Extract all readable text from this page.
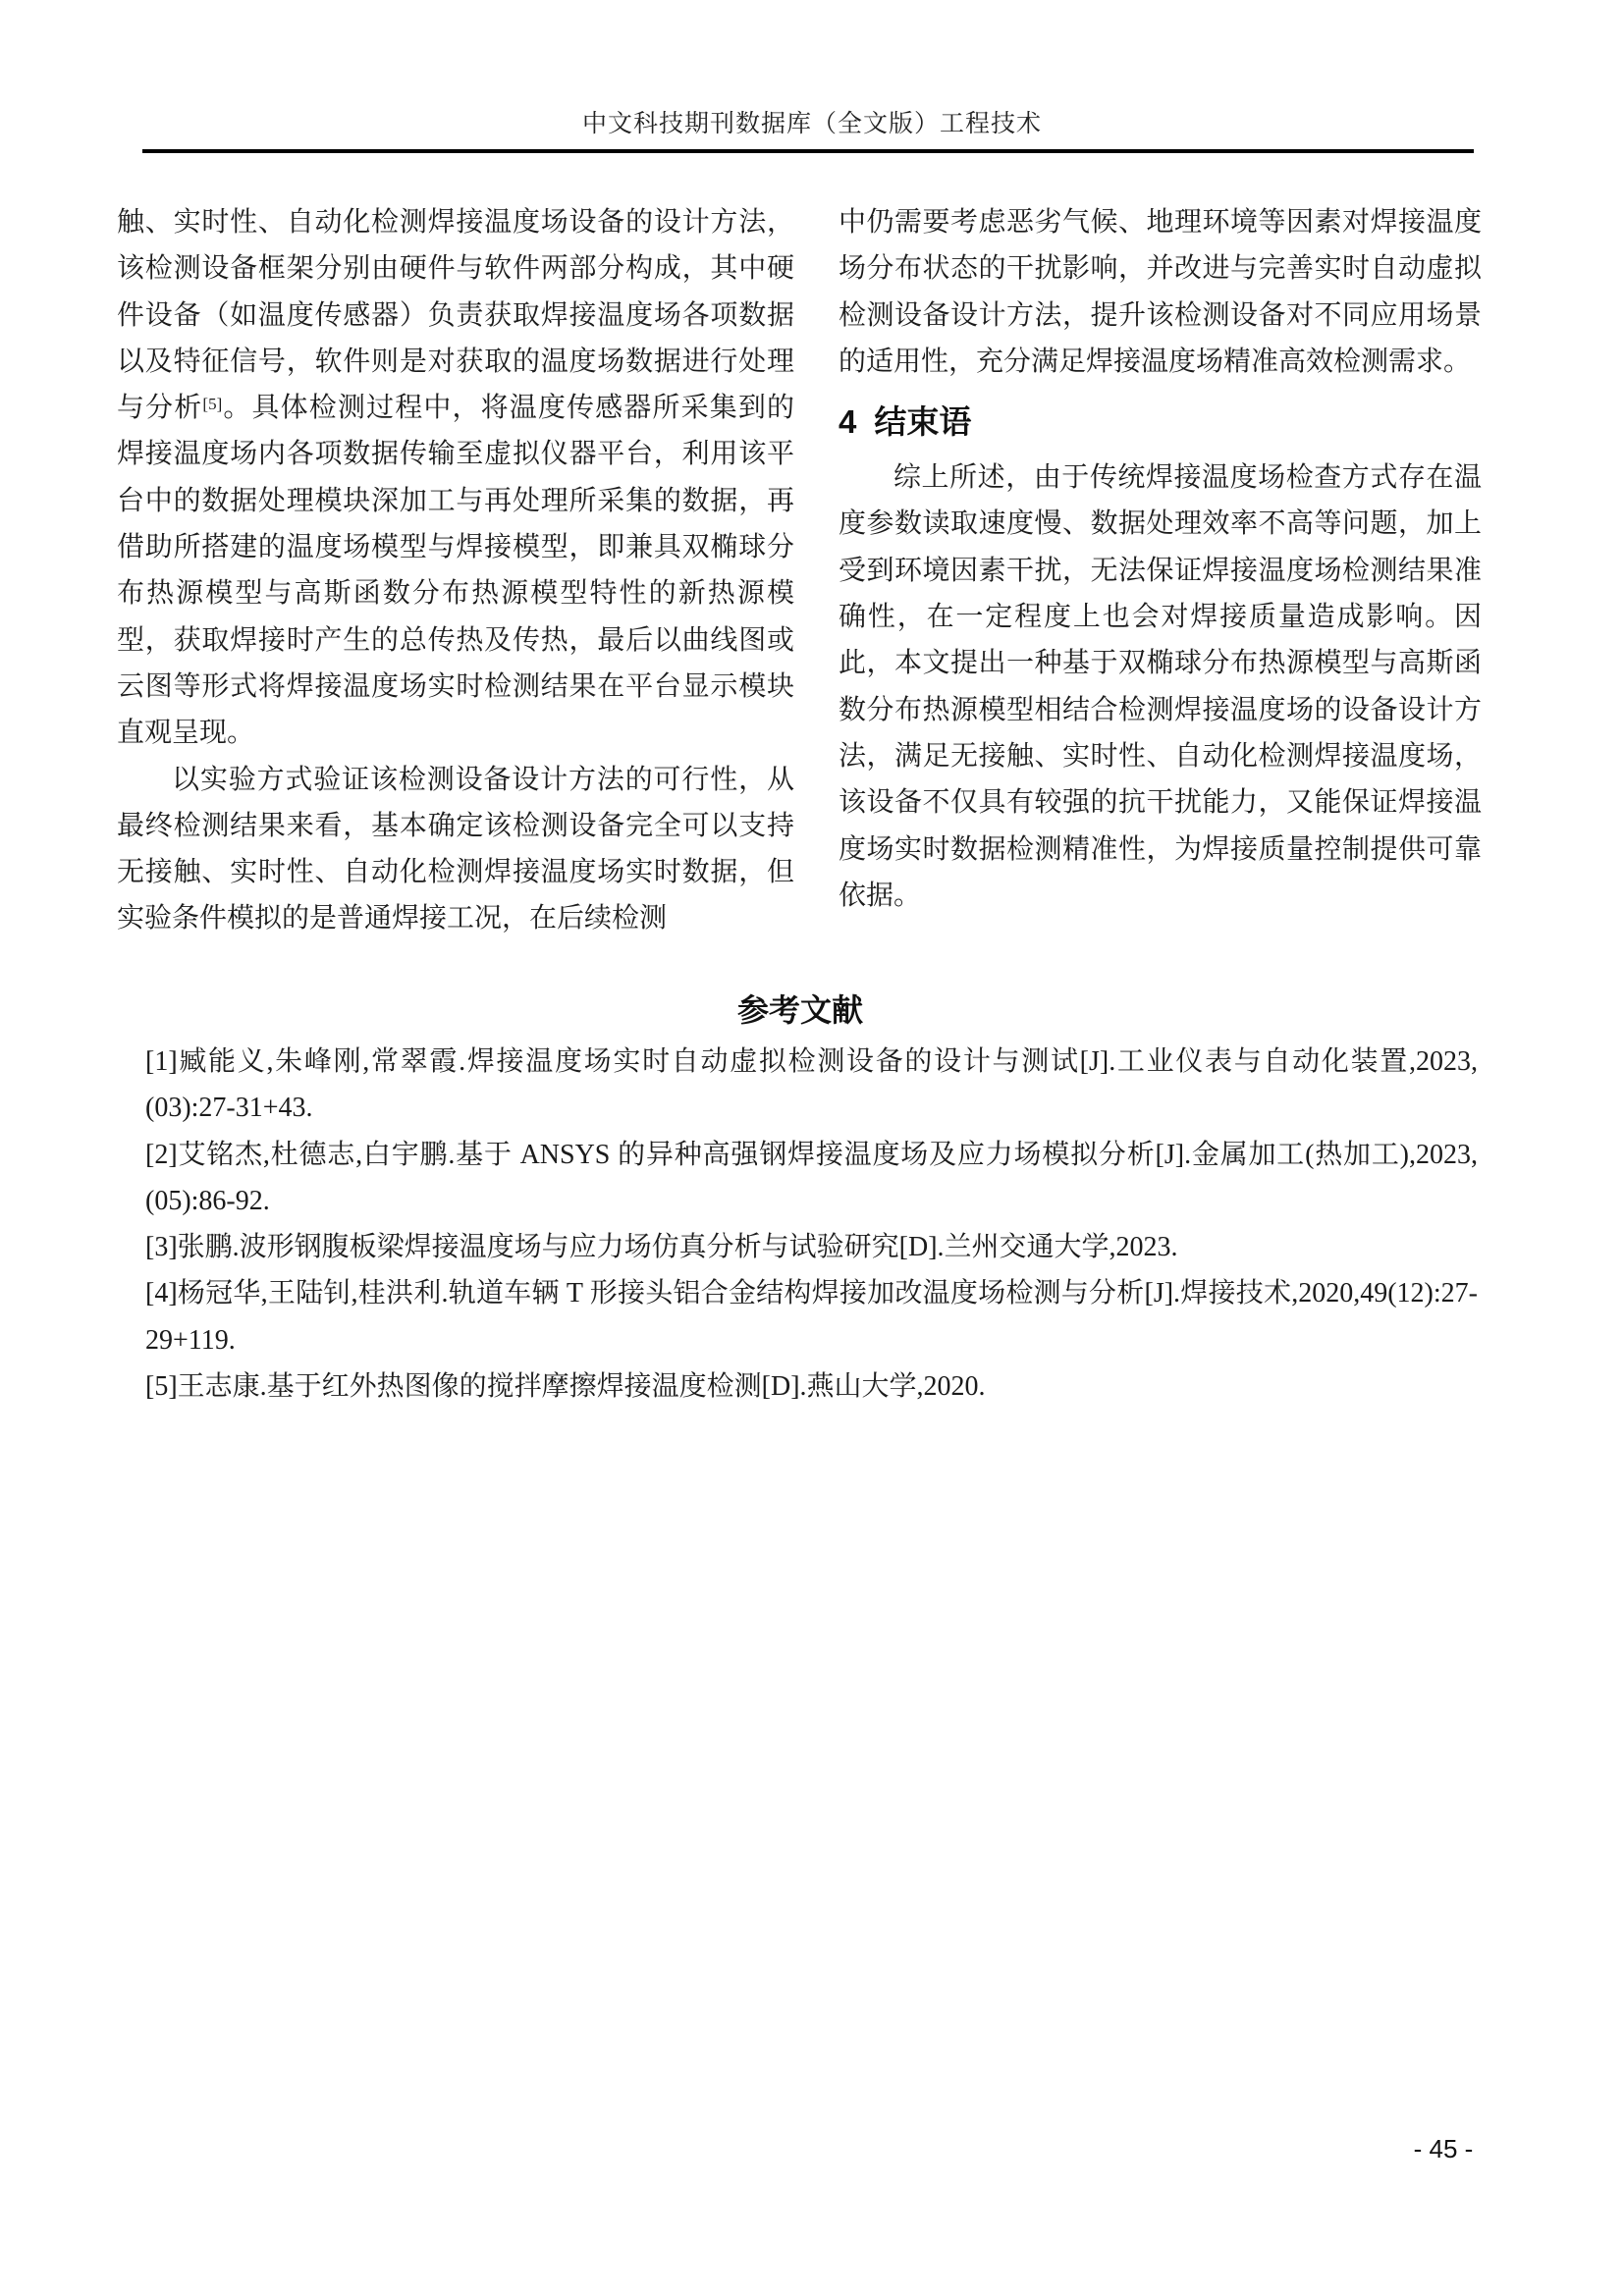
中文科技期刊数据库（全文版）工程技术

触、实时性、自动化检测焊接温度场设备的设计方法，该检测设备框架分别由硬件与软件两部分构成，其中硬件设备（如温度传感器）负责获取焊接温度场各项数据以及特征信号，软件则是对获取的温度场数据进行处理与分析[5]。具体检测过程中，将温度传感器所采集到的焊接温度场内各项数据传输至虚拟仪器平台，利用该平台中的数据处理模块深加工与再处理所采集的数据，再借助所搭建的温度场模型与焊接模型，即兼具双椭球分布热源模型与高斯函数分布热源模型特性的新热源模型，获取焊接时产生的总传热及传热，最后以曲线图或云图等形式将焊接温度场实时检测结果在平台显示模块直观呈现。

以实验方式验证该检测设备设计方法的可行性，从最终检测结果来看，基本确定该检测设备完全可以支持无接触、实时性、自动化检测焊接温度场实时数据，但实验条件模拟的是普通焊接工况，在后续检测

中仍需要考虑恶劣气候、地理环境等因素对焊接温度场分布状态的干扰影响，并改进与完善实时自动虚拟检测设备设计方法，提升该检测设备对不同应用场景的适用性，充分满足焊接温度场精准高效检测需求。

4 结束语

综上所述，由于传统焊接温度场检查方式存在温度参数读取速度慢、数据处理效率不高等问题，加上受到环境因素干扰，无法保证焊接温度场检测结果准确性，在一定程度上也会对焊接质量造成影响。因此，本文提出一种基于双椭球分布热源模型与高斯函数分布热源模型相结合检测焊接温度场的设备设计方法，满足无接触、实时性、自动化检测焊接温度场，该设备不仅具有较强的抗干扰能力，又能保证焊接温度场实时数据检测精准性，为焊接质量控制提供可靠依据。

参考文献

[1]臧能义,朱峰刚,常翠霞.焊接温度场实时自动虚拟检测设备的设计与测试[J].工业仪表与自动化装置,2023,(03):27-31+43.

[2]艾铭杰,杜德志,白宇鹏.基于 ANSYS 的异种高强钢焊接温度场及应力场模拟分析[J].金属加工(热加工),2023,(05):86-92.

[3]张鹏.波形钢腹板梁焊接温度场与应力场仿真分析与试验研究[D].兰州交通大学,2023.

[4]杨冠华,王陆钊,桂洪利.轨道车辆 T 形接头铝合金结构焊接加改温度场检测与分析[J].焊接技术,2020,49(12):27-29+119.

[5]王志康.基于红外热图像的搅拌摩擦焊接温度检测[D].燕山大学,2020.

- 45 -
